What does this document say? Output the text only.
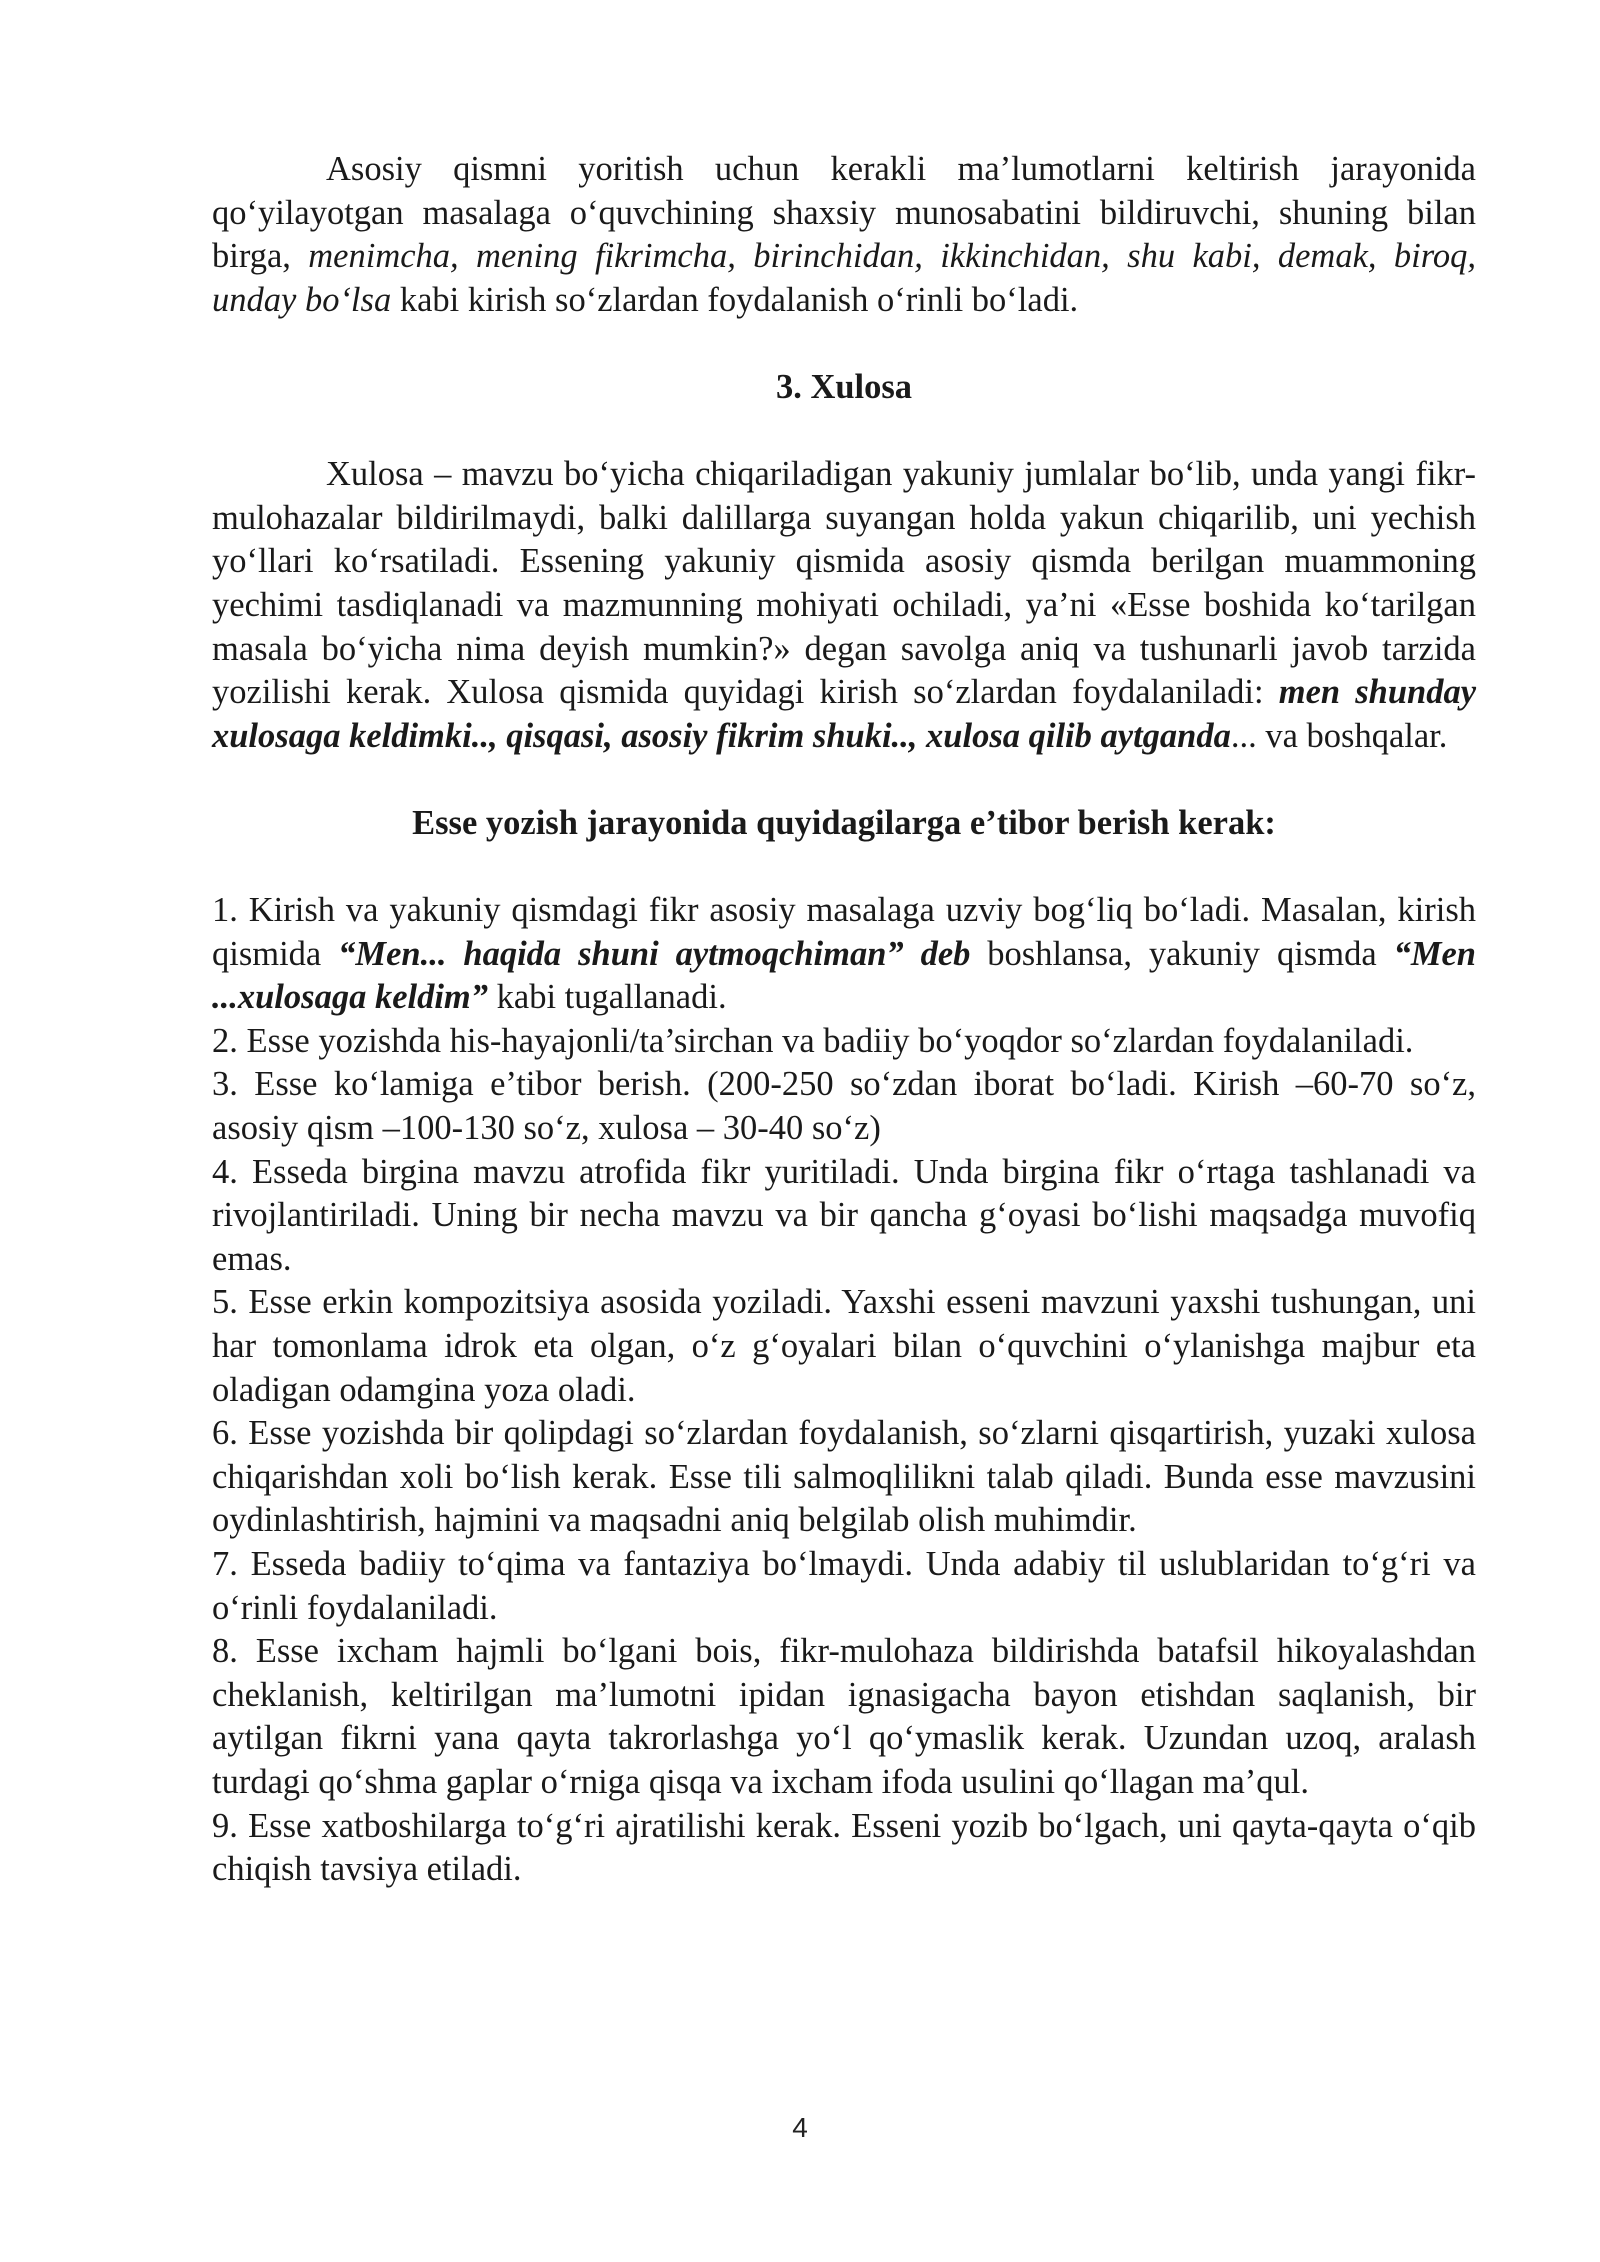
Asosiy qismni yoritish uchun kerakli ma’lumotlarni keltirish jarayonida qo‘yilayotgan masalaga o‘quvchining shaxsiy munosabatini bildiruvchi, shuning bilan birga, menimcha, mening fikrimcha, birinchidan, ikkinchidan, shu kabi, demak, biroq, unday bo‘lsa kabi kirish so‘zlardan foydalanish o‘rinli bo‘ladi.

3. Xulosa

Xulosa – mavzu bo‘yicha chiqariladigan yakuniy jumlalar bo‘lib, unda yangi fikr-mulohazalar bildirilmaydi, balki dalillarga suyangan holda yakun chiqarilib, uni yechish yo‘llari ko‘rsatiladi. Essening yakuniy qismida asosiy qismda berilgan muammoning yechimi tasdiqlanadi va mazmunning mohiyati ochiladi, ya’ni «Esse boshida ko‘tarilgan masala bo‘yicha nima deyish mumkin?» degan savolga aniq va tushunarli javob tarzida yozilishi kerak. Xulosa qismida quyidagi kirish so‘zlardan foydalaniladi: men shunday xulosaga keldimki.., qisqasi, asosiy fikrim shuki.., xulosa qilib aytganda... va boshqalar.

Esse yozish jarayonida quyidagilarga e’tibor berish kerak:

1. Kirish va yakuniy qismdagi fikr asosiy masalaga uzviy bog‘liq bo‘ladi. Masalan, kirish qismida “Men... haqida shuni aytmoqchiman” deb boshlansa, yakuniy qismda “Men ...xulosaga keldim” kabi tugallanadi.

2. Esse yozishda his-hayajonli/ta’sirchan va badiiy bo‘yoqdor so‘zlardan foydalaniladi.

3. Esse ko‘lamiga e’tibor berish. (200-250 so‘zdan iborat bo‘ladi. Kirish –60-70 so‘z, asosiy qism –100-130 so‘z, xulosa – 30-40 so‘z)

4. Esseda birgina mavzu atrofida fikr yuritiladi. Unda birgina fikr o‘rtaga tashlanadi va rivojlantiriladi. Uning bir necha mavzu va bir qancha g‘oyasi bo‘lishi maqsadga muvofiq emas.

5. Esse erkin kompozitsiya asosida yoziladi. Yaxshi esseni mavzuni yaxshi tushungan, uni har tomonlama idrok eta olgan, o‘z g‘oyalari bilan o‘quvchini o‘ylanishga majbur eta oladigan odamgina yoza oladi.

6. Esse yozishda bir qolipdagi so‘zlardan foydalanish, so‘zlarni qisqartirish, yuzaki xulosa chiqarishdan xoli bo‘lish kerak. Esse tili salmoqlilikni talab qiladi. Bunda esse mavzusini oydinlashtirish, hajmini va maqsadni aniq belgilab olish muhimdir.

7. Esseda badiiy to‘qima va fantaziya bo‘lmaydi. Unda adabiy til uslublaridan to‘g‘ri va o‘rinli foydalaniladi.

8. Esse ixcham hajmli bo‘lgani bois, fikr-mulohaza bildirishda batafsil hikoyalashdan cheklanish, keltirilgan ma’lumotni ipidan ignasigacha bayon etishdan saqlanish, bir aytilgan fikrni yana qayta takrorlashga yo‘l qo‘ymaslik kerak. Uzundan uzoq, aralash turdagi qo‘shma gaplar o‘rniga qisqa va ixcham ifoda usulini qo‘llagan ma’qul.

9. Esse xatboshilarga to‘g‘ri ajratilishi kerak. Esseni yozib bo‘lgach, uni qayta-qayta o‘qib chiqish tavsiya etiladi.

4
